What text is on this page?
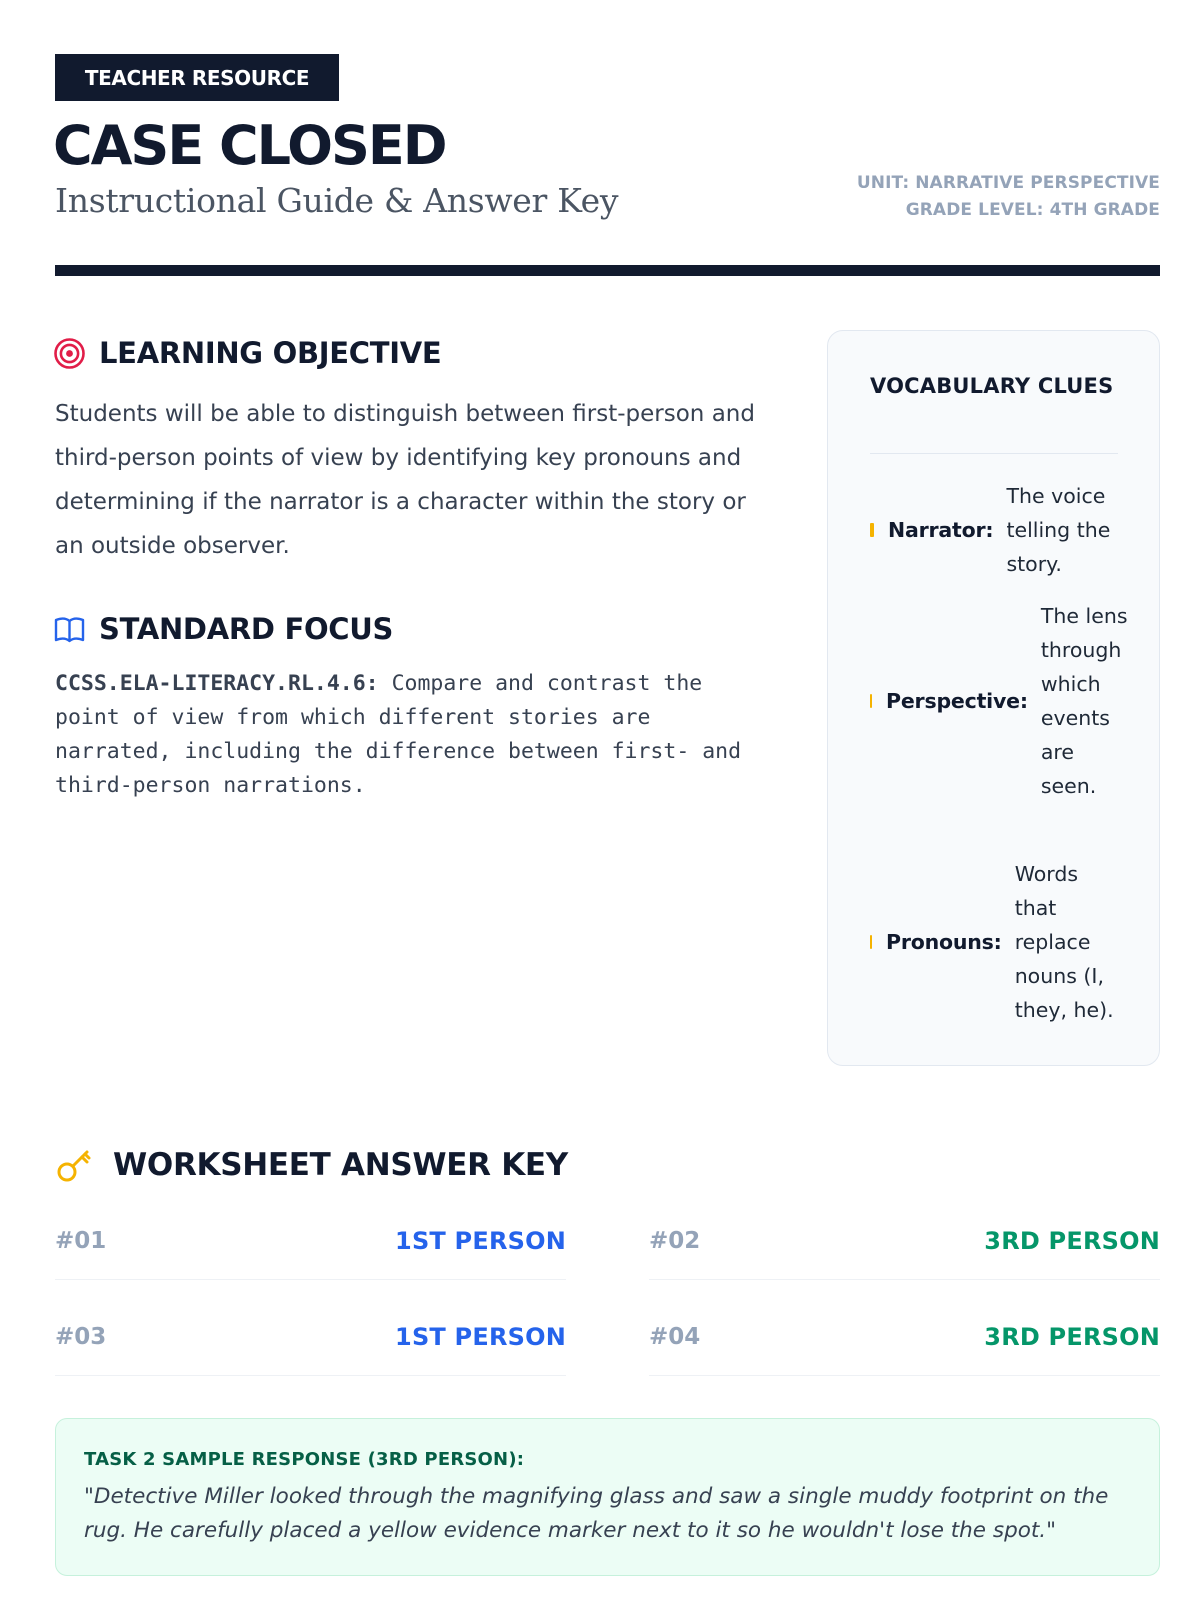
TEACHER RESOURCE
CASE CLOSED
Instructional Guide & Answer Key	UNIT: NARRATIVE PERSPECTIVE
GRADE LEVEL: 4TH GRADE
LEARNING OBJECTIVE
Students will be able to distinguish between first-person and third-person points of view by identifying key pronouns and determining if the narrator is a character within the story or an outside observer.
STANDARD FOCUS
CCSS.ELA-LITERACY.RL.4.6: Compare and contrast the point of view from which different stories are narrated, including the difference between first- and third-person narrations.
VOCABULARY CLUES
Narrator:
The voice telling the story.
Perspective:
The lens through which events are seen.
Pronouns:
Words that replace nouns (I, they, he).
WORKSHEET ANSWER KEY
#01	1ST PERSON	#02	3RD PERSON
#03	1ST PERSON	#04	3RD PERSON
TASK 2 SAMPLE RESPONSE (3RD PERSON):
"Detective Miller looked through the magnifying glass and saw a single muddy footprint on the rug. He carefully placed a yellow evidence marker next to it so he wouldn't lose the spot."
